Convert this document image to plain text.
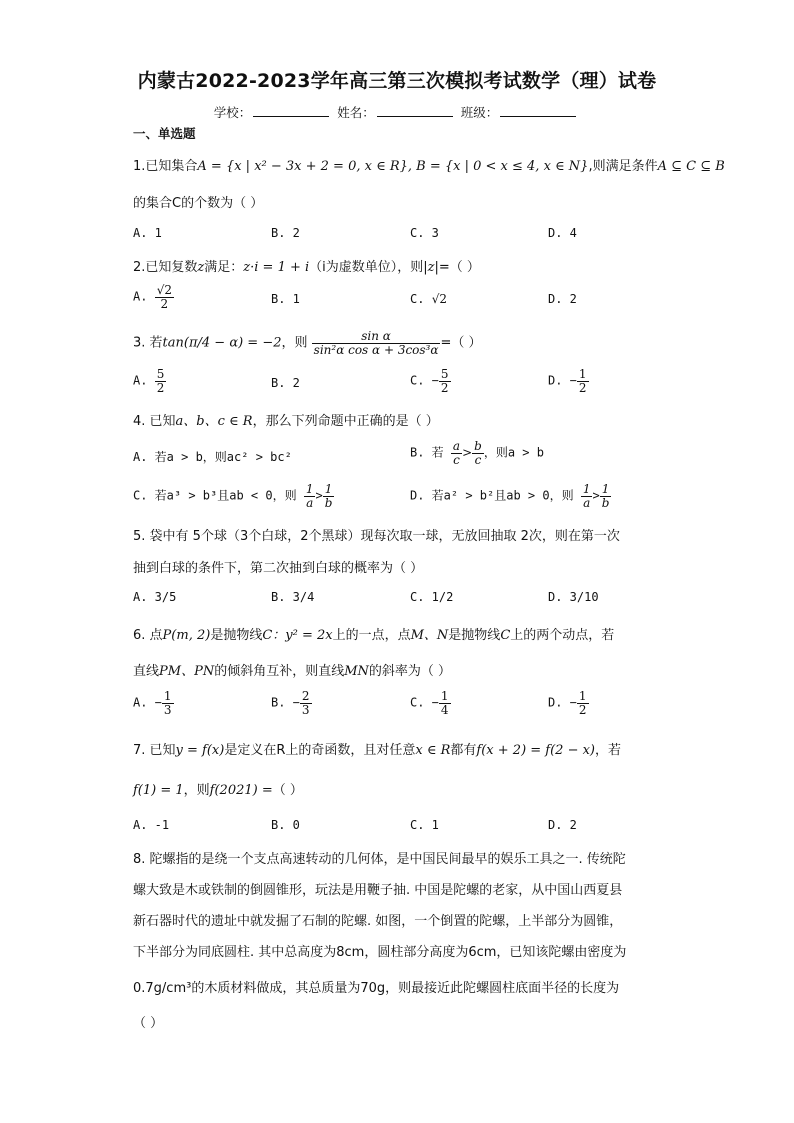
内蒙古2022-2023学年高三第三次模拟考试数学（理）试卷
学校：	姓名：	班级：
一、单选题
1.已知集合A = {x | x² − 3x + 2 = 0, x ∈ R}, B = {x | 0 < x ≤ 4, x ∈ N},则满足条件A ⊆ C ⊆ B
的集合C的个数为（ ）
A. 1	B. 2	C. 3	D. 4
2.已知复数z满足：z·i = 1 + i（i为虚数单位），则|z|=（ ）
A. $\frac{√2}{2}$	B. 1	C. √2	D. 2
3. 若tan(π/4 − α) = −2，则 $\frac{\text{sin α}}{\text{sin²α cos α + 3cos³α}}$ =（ ）
A. $\frac{5}{2}$	B. 2	C. − $\frac{5}{2}$	D. − $\frac{1}{2}$
4. 已知a、b、c ∈ R，那么下列命题中正确的是（ ）
A. 若a > b，则ac² > bc²	B. 若 $\frac{a}{c} > \frac{b}{c}$ ，则a > b
C. 若a³ > b³且ab < 0，则 $\frac{1}{a} > \frac{1}{b}$	D. 若a² > b²且ab > 0，则 $\frac{1}{a} > \frac{1}{b}$
5. 袋中有 5个球（3个白球，2个黑球）现每次取一球，无放回抽取 2次，则在第一次
抽到白球的条件下，第二次抽到白球的概率为（ ）
A. 3/5	B. 3/4	C. 1/2	D. 3/10
6. 点P(m, 2)是抛物线C：y² = 2x上的一点，点M、N是抛物线C上的两个动点，若
直线PM、PN的倾斜角互补，则直线MN的斜率为（ ）
A. − $\frac{1}{3}$	B. − $\frac{2}{3}$	C. − $\frac{1}{4}$	D. − $\frac{1}{2}$
7. 已知y = f(x)是定义在R上的奇函数，且对任意x ∈ R都有f(x + 2) = f(2 − x)，若
f(1) = 1，则f(2021) =（ ）
A. -1	B. 0	C. 1	D. 2
8. 陀螺指的是绕一个支点高速转动的几何体，是中国民间最早的娱乐工具之一. 传统陀
螺大致是木或铁制的倒圆锥形，玩法是用鞭子抽. 中国是陀螺的老家，从中国山西夏县
新石器时代的遗址中就发掘了石制的陀螺. 如图，一个倒置的陀螺，上半部分为圆锥，
下半部分为同底圆柱. 其中总高度为8cm，圆柱部分高度为6cm，已知该陀螺由密度为
0.7g/cm³的木质材料做成，其总质量为70g，则最接近此陀螺圆柱底面半径的长度为
（ ）
